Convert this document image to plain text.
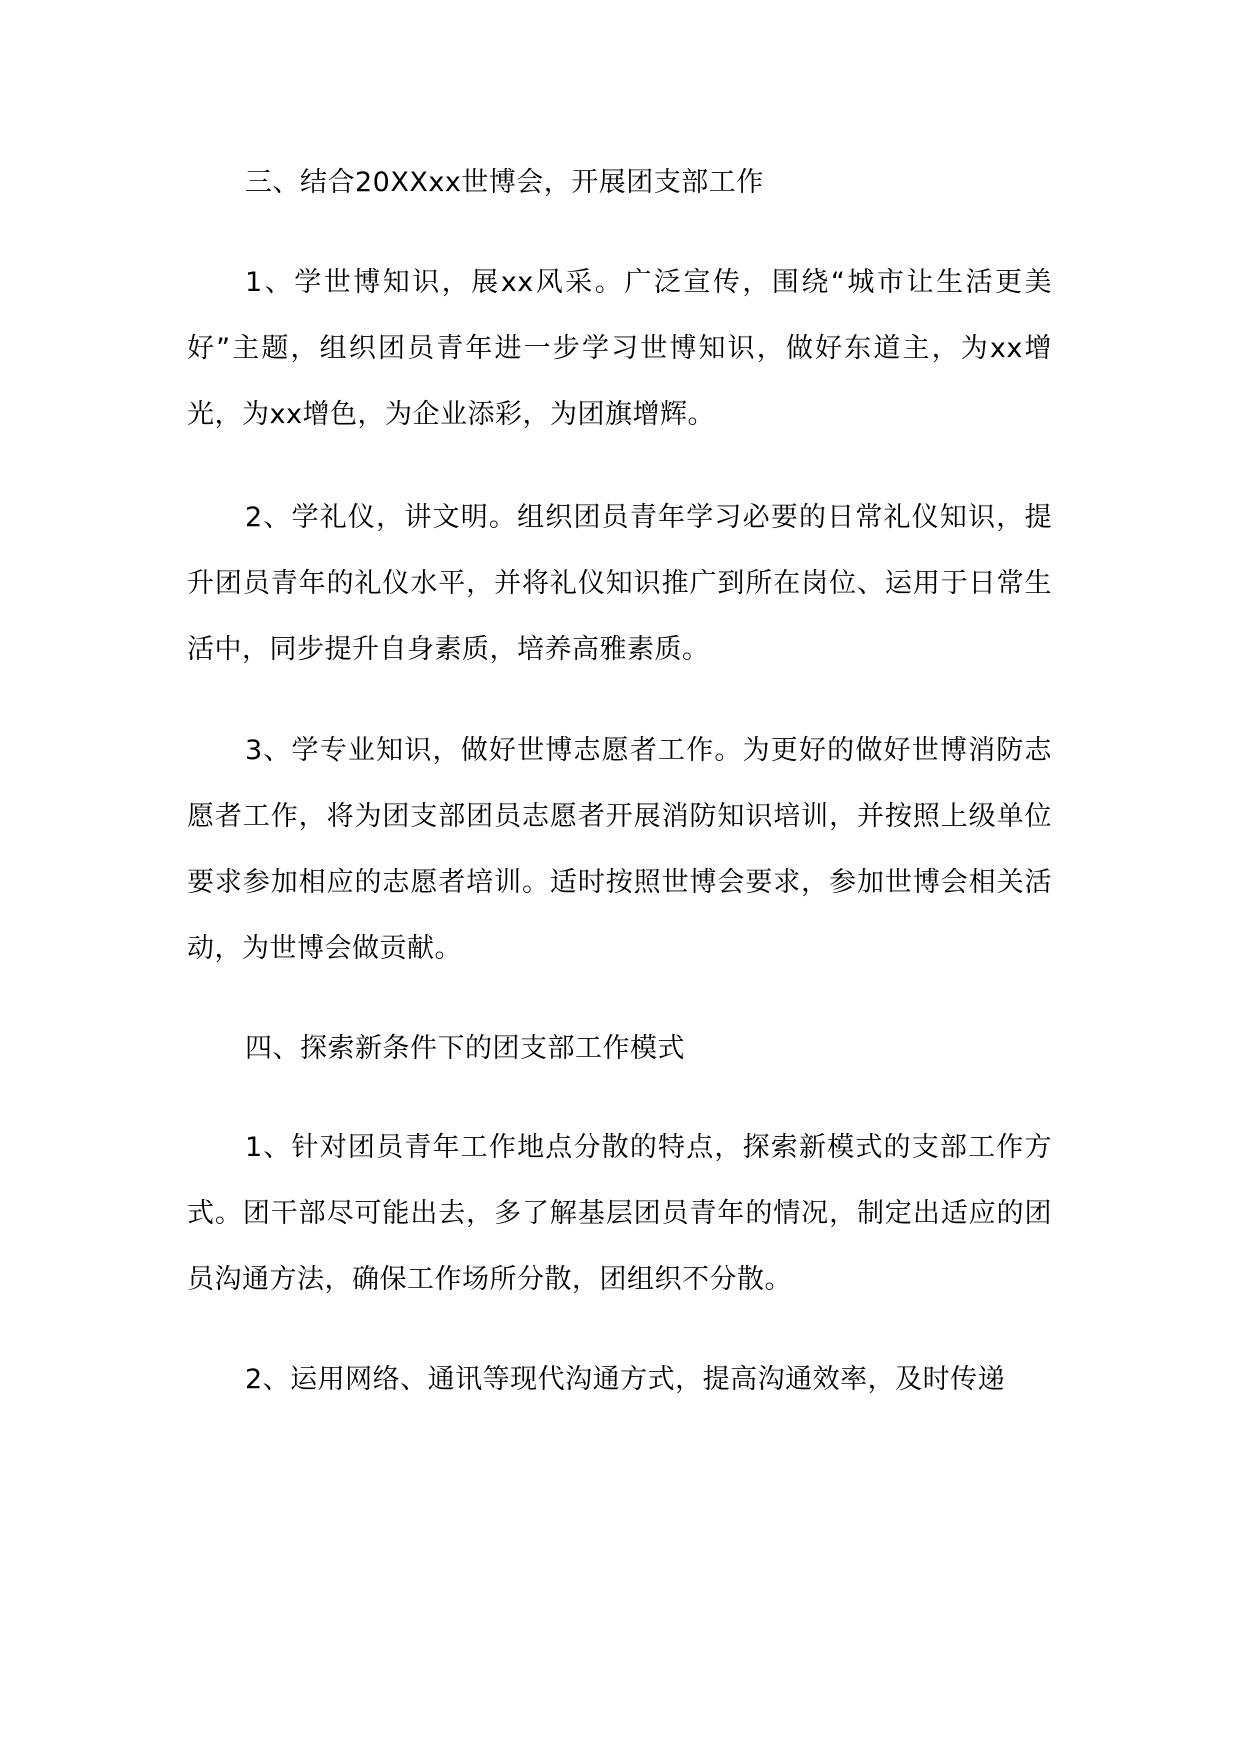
三、结合20XXxx世博会，开展团支部工作

1、学世博知识，展xx风采。广泛宣传，围绕“城市让生活更美好”主题，组织团员青年进一步学习世博知识，做好东道主，为xx增光，为xx增色，为企业添彩，为团旗增辉。

2、学礼仪，讲文明。组织团员青年学习必要的日常礼仪知识，提升团员青年的礼仪水平，并将礼仪知识推广到所在岗位、运用于日常生活中，同步提升自身素质，培养高雅素质。

3、学专业知识，做好世博志愿者工作。为更好的做好世博消防志愿者工作，将为团支部团员志愿者开展消防知识培训，并按照上级单位要求参加相应的志愿者培训。适时按照世博会要求，参加世博会相关活动，为世博会做贡献。

四、探索新条件下的团支部工作模式

1、针对团员青年工作地点分散的特点，探索新模式的支部工作方式。团干部尽可能出去，多了解基层团员青年的情况，制定出适应的团员沟通方法，确保工作场所分散，团组织不分散。

2、运用网络、通讯等现代沟通方式，提高沟通效率，及时传递
